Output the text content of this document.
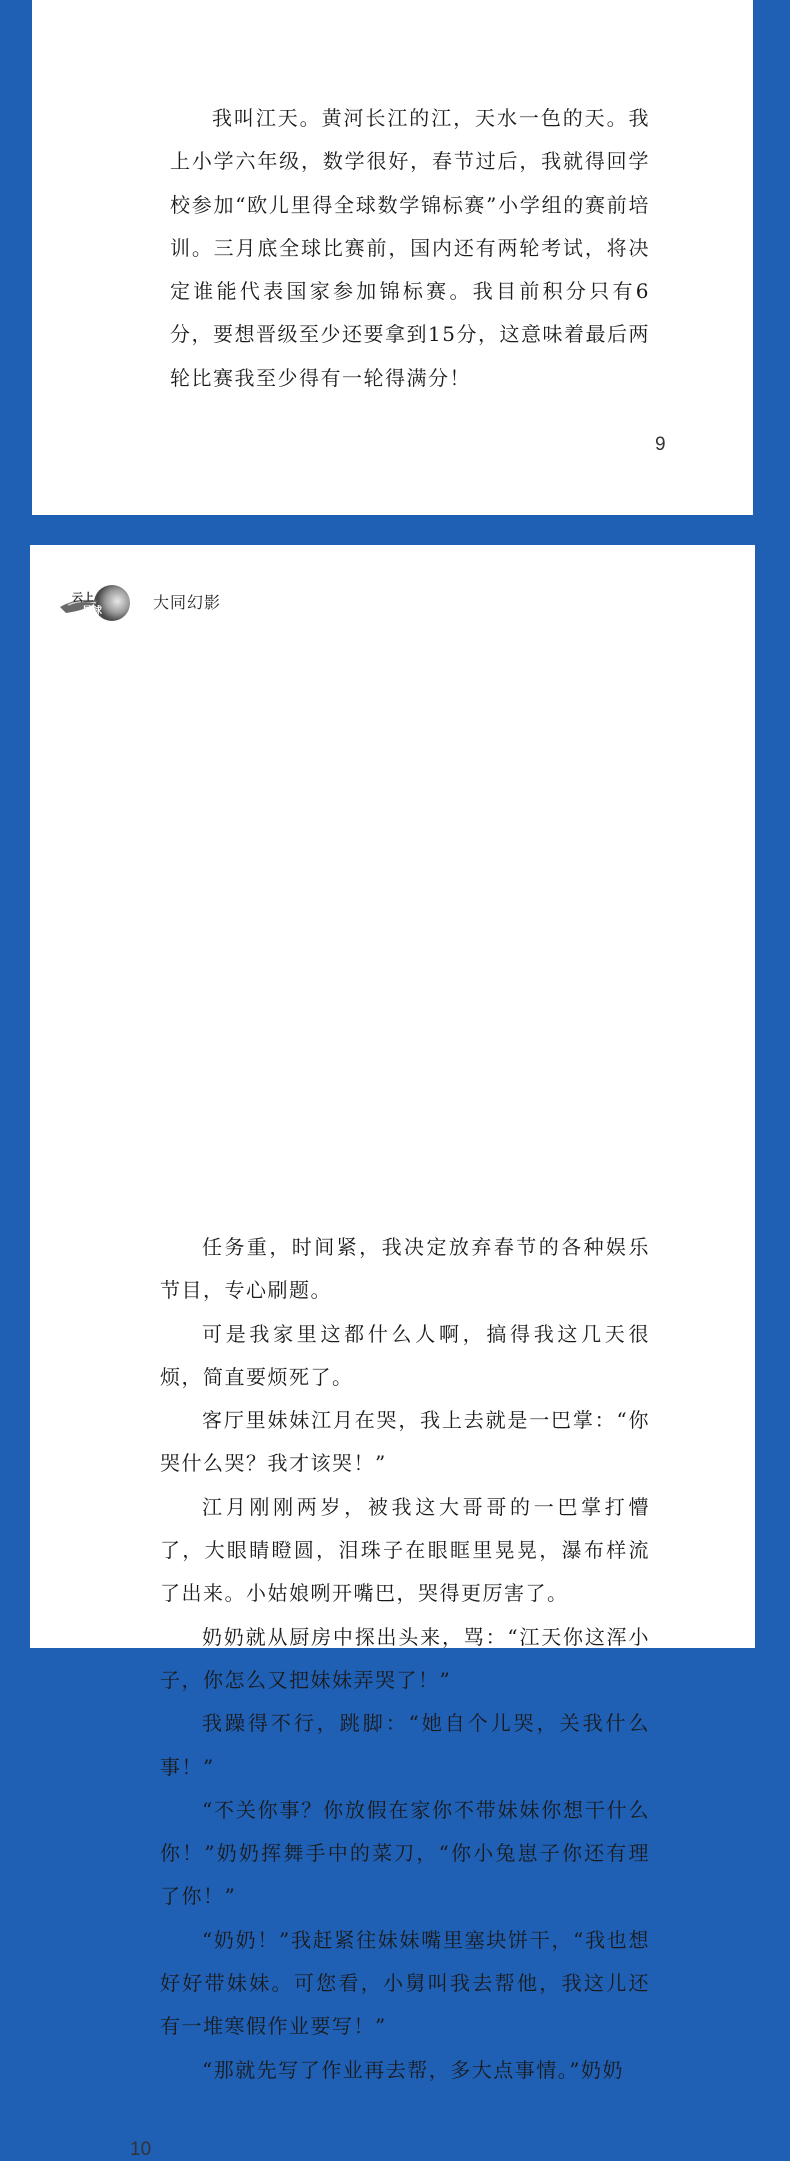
我叫江天。黄河长江的江，天水一色的天。我上小学六年级，数学很好，春节过后，我就得回学校参加“欧儿里得全球数学锦标赛”小学组的赛前培训。三月底全球比赛前，国内还有两轮考试，将决定谁能代表国家参加锦标赛。我目前积分只有6分，要想晋级至少还要拿到15分，这意味着最后两轮比赛我至少得有一轮得满分！

9

任务重，时间紧，我决定放弃春节的各种娱乐节目，专心刷题。

可是我家里这都什么人啊，搞得我这几天很烦，简直要烦死了。

客厅里妹妹江月在哭，我上去就是一巴掌：“你哭什么哭？我才该哭！”

江月刚刚两岁，被我这大哥哥的一巴掌打懵了，大眼睛瞪圆，泪珠子在眼眶里晃晃，瀑布样流了出来。小姑娘咧开嘴巴，哭得更厉害了。

奶奶就从厨房中探出头来，骂：“江天你这浑小子，你怎么又把妹妹弄哭了！”

我躁得不行，跳脚：“她自个儿哭，关我什么事！”

“不关你事？你放假在家你不带妹妹你想干什么你！”奶奶挥舞手中的菜刀，“你小兔崽子你还有理了你！”

“奶奶！”我赶紧往妹妹嘴里塞块饼干，“我也想好好带妹妹。可您看，小舅叫我去帮他，我这儿还有一堆寒假作业要写！”

“那就先写了作业再去帮，多大点事情。”奶奶

10
云上
星球	大同幻影
